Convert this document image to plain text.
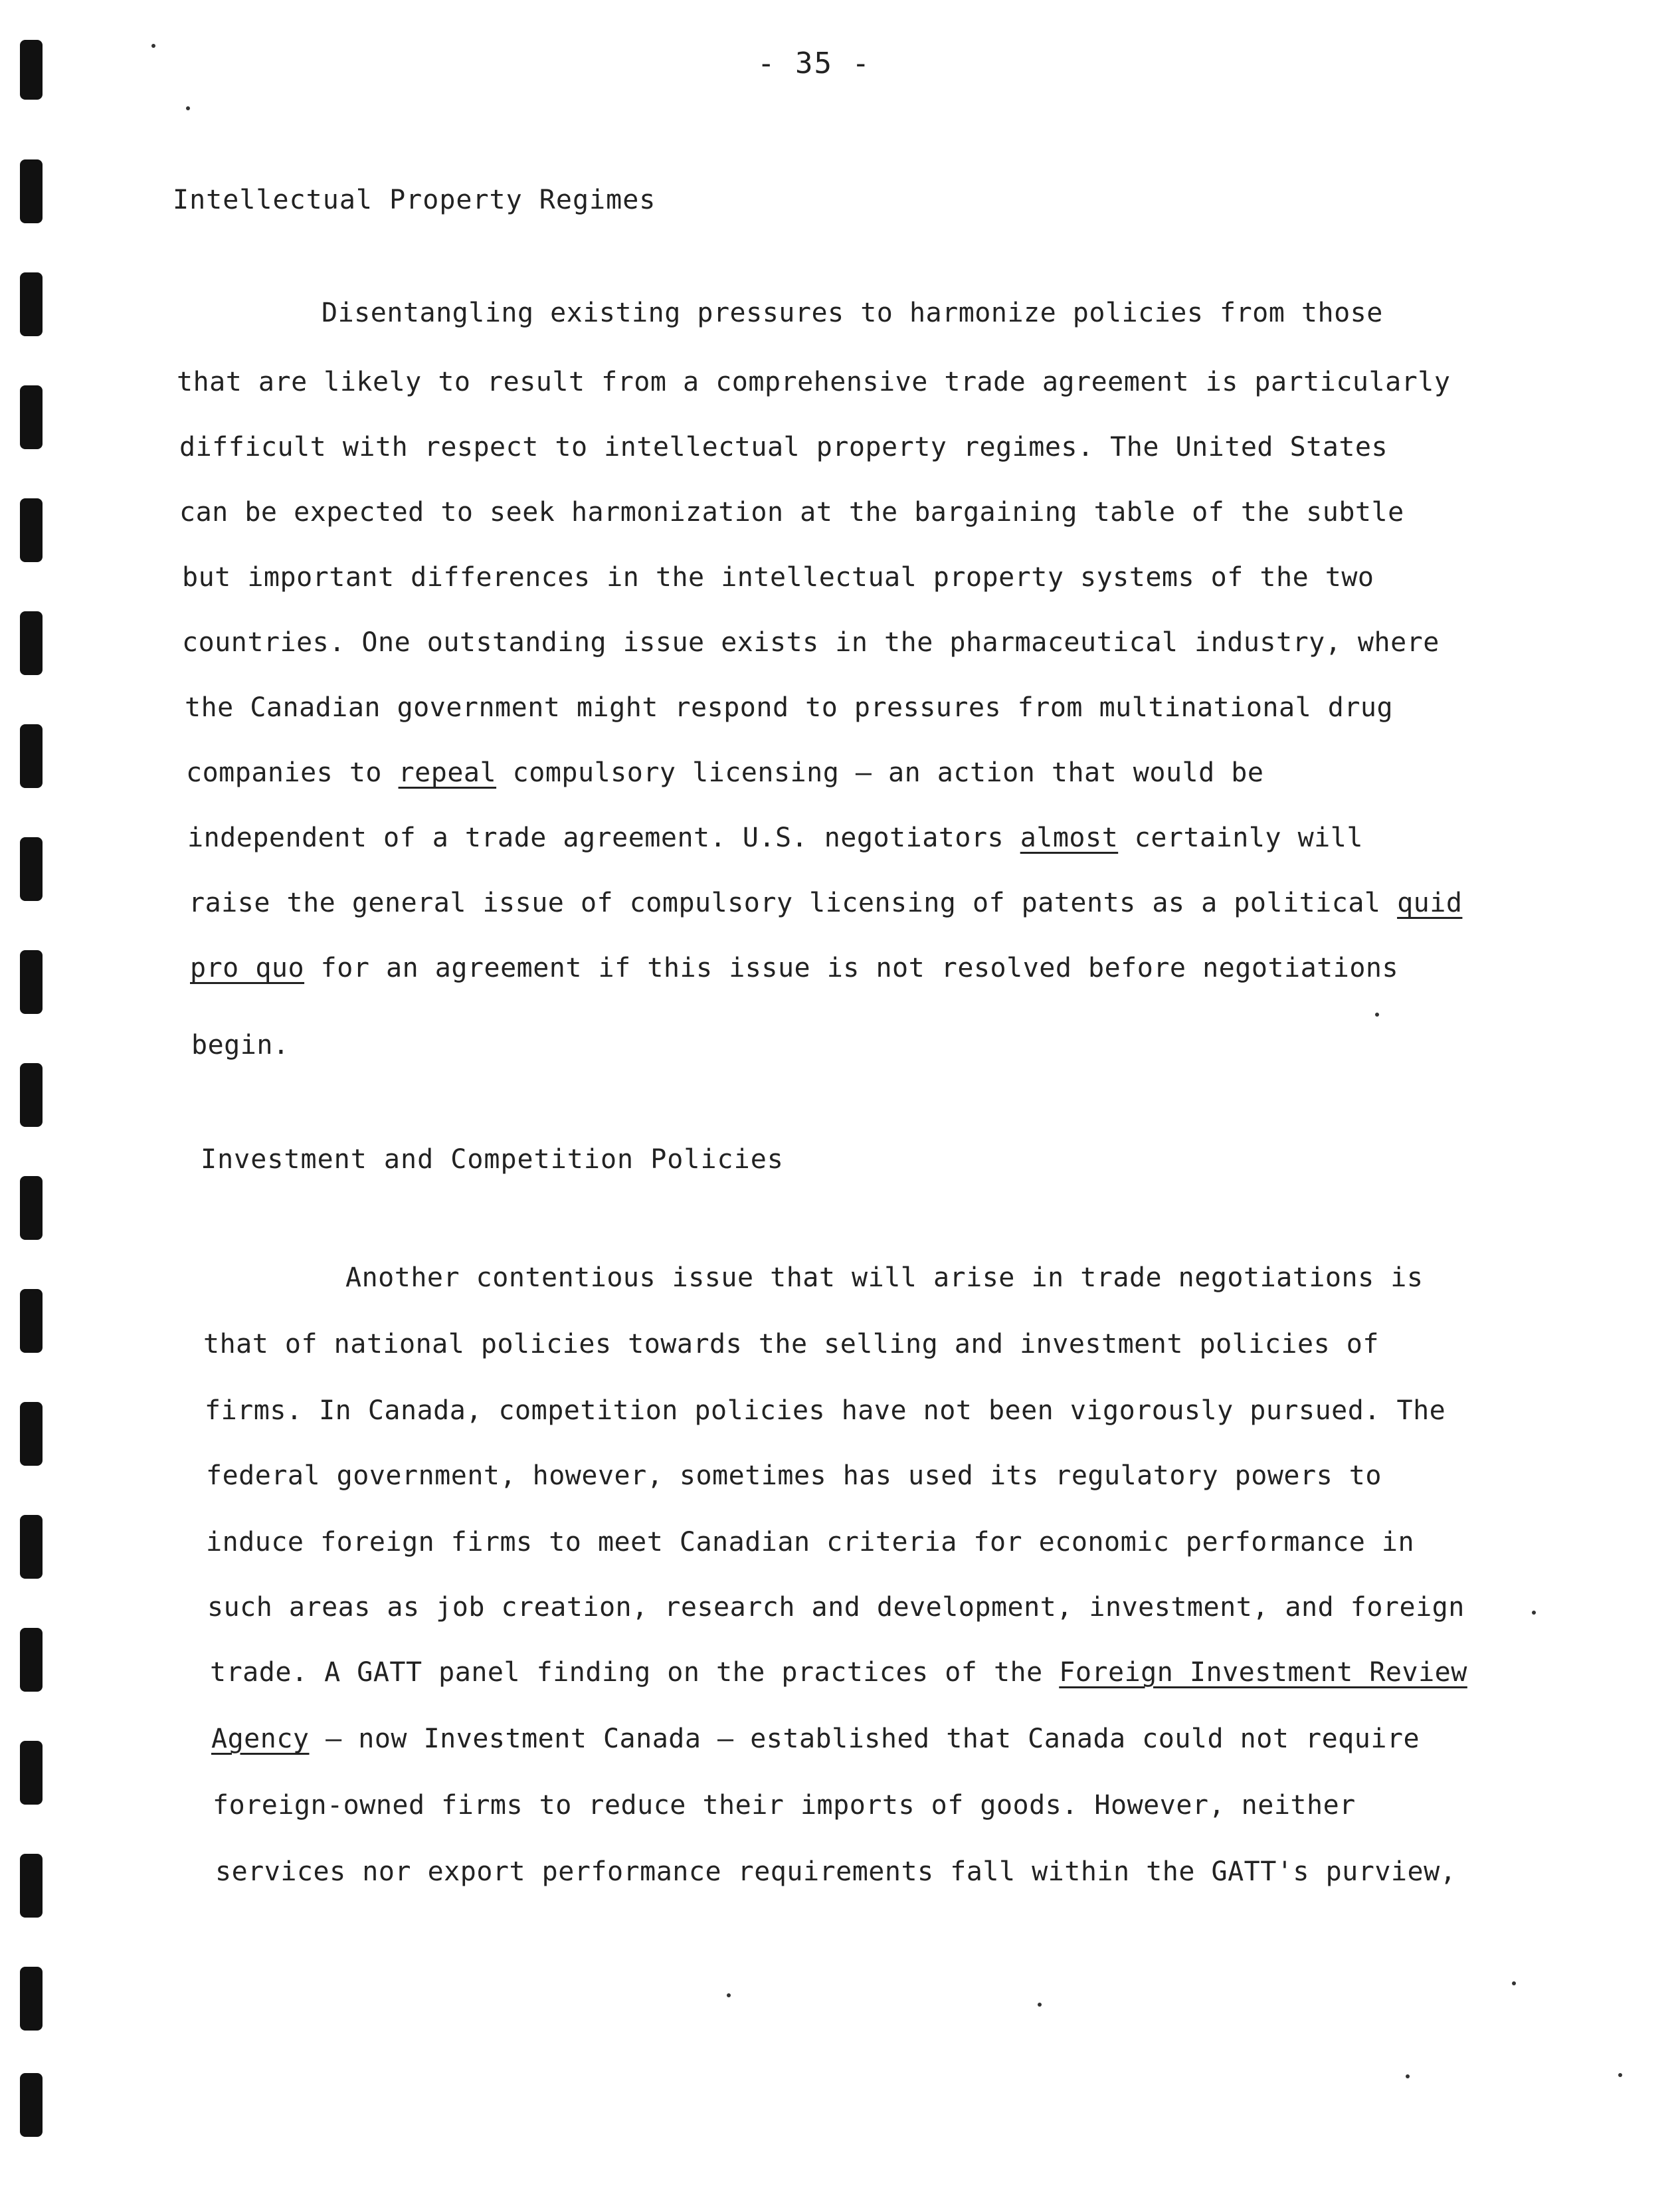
- 35 -
Intellectual Property Regimes
Disentangling existing pressures to harmonize policies from those
that are likely to result from a comprehensive trade agreement is particularly
difficult with respect to intellectual property regimes. The United States
can be expected to seek harmonization at the bargaining table of the subtle
but important differences in the intellectual property systems of the two
countries. One outstanding issue exists in the pharmaceutical industry, where
the Canadian government might respond to pressures from multinational drug
companies to repeal compulsory licensing — an action that would be
independent of a trade agreement. U.S. negotiators almost certainly will
raise the general issue of compulsory licensing of patents as a political quid
pro quo for an agreement if this issue is not resolved before negotiations
begin.
Investment and Competition Policies
Another contentious issue that will arise in trade negotiations is
that of national policies towards the selling and investment policies of
firms. In Canada, competition policies have not been vigorously pursued. The
federal government, however, sometimes has used its regulatory powers to
induce foreign firms to meet Canadian criteria for economic performance in
such areas as job creation, research and development, investment, and foreign
trade. A GATT panel finding on the practices of the Foreign Investment Review
Agency — now Investment Canada — established that Canada could not require
foreign-owned firms to reduce their imports of goods. However, neither
services nor export performance requirements fall within the GATT's purview,
